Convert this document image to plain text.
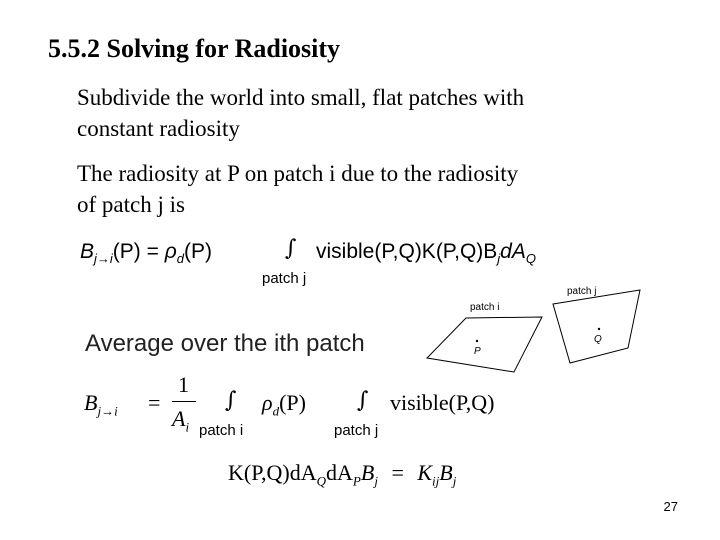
5.5.2 Solving for Radiosity
Subdivide the world into small, flat patches with
constant radiosity
The radiosity at P on patch i due to the radiosity
of patch j is
$B_{j\to i}(P) = \rho_d(P)$	∫
patch j
$visible(P,Q)K(P,Q)B_jdA_Q$
patch i
patch j
P
Q
Average over the ith patch
$B_{j\to i}$ =
1
$A_i$
∫
patch i
$\rho_d(P)$ ∫
patch j
visible(P,Q)
$K(P,Q)dA_QdA_PB_j = K_{ij}B_j$
27
